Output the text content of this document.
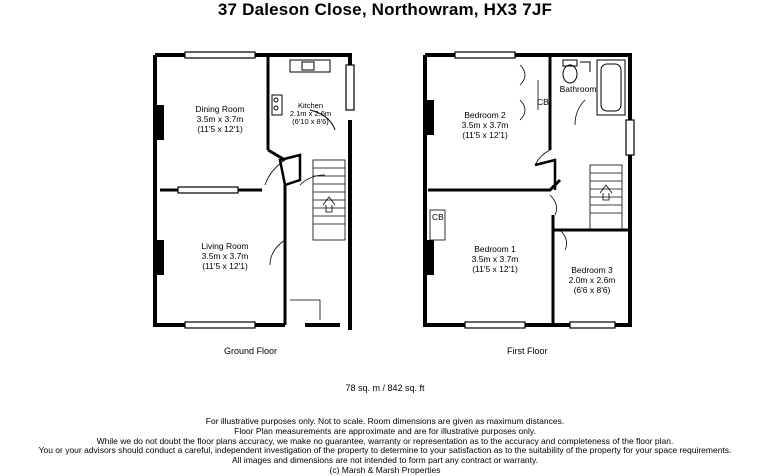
37 Daleson Close, Northowram, HX3 7JF
Dining Room
3.5m x 3.7m
(11'5 x 12'1)
Kitchen
2.1m x 2.6m
(6'10 x 8'6)
Living Room
3.5m x 3.7m
(11'5 x 12'1)
Bedroom 2
3.5m x 3.7m
(11'5 x 12'1)
Bathroom
Bedroom 1
3.5m x 3.7m
(11'5 x 12'1)	Bedroom 3
2.0m x 2.6m
(6'6 x 8'6)
CB
CB
Ground Floor	First Floor
78 sq. m / 842 sq. ft
For illustrative purposes only. Not to scale. Room dimensions are given as maximum distances.
Floor Plan measurements are approximate and are for illustrative purposes only.
While we do not doubt the floor plans accuracy, we make no guarantee, warranty or representation as to the accuracy and completeness of the floor plan.
You or your advisors should conduct a careful, independent investigation of the property to determine to your satisfaction as to the suitability of the property for your space requirements.
All images and dimensions are not intended to form part any contract or warranty.
(c) Marsh & Marsh Properties
